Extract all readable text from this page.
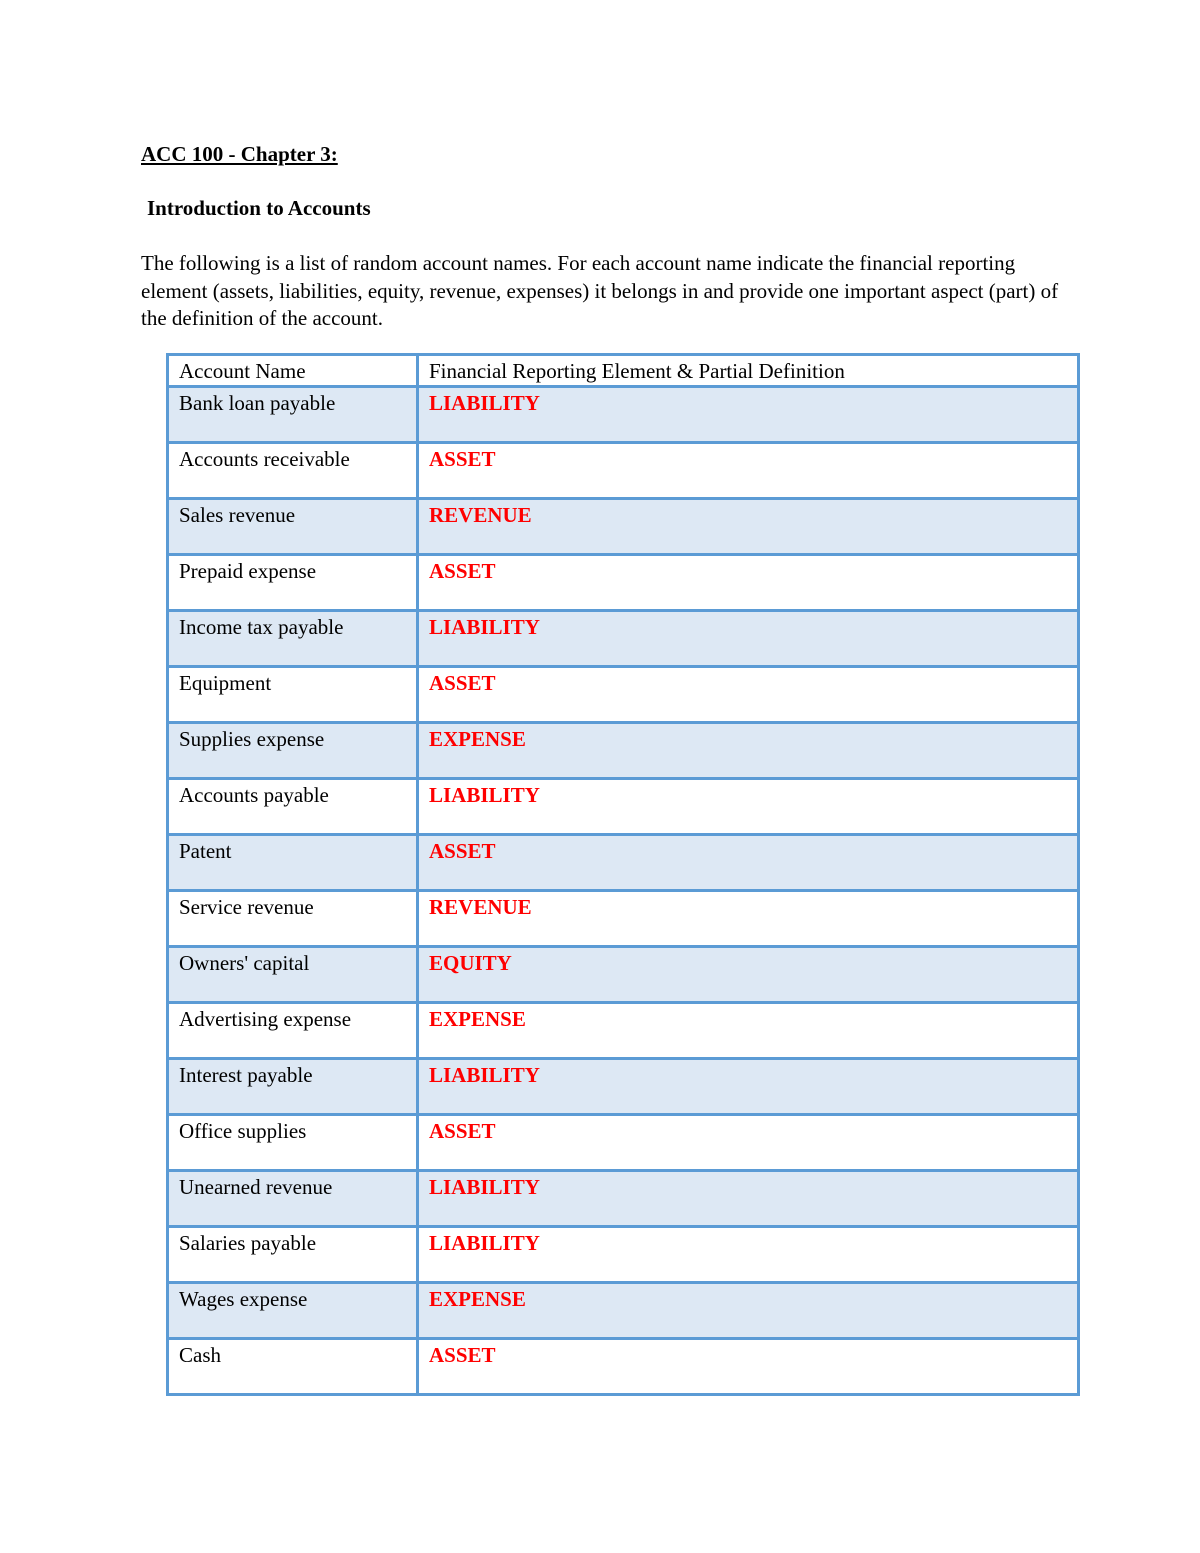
ACC 100 - Chapter 3:
Introduction to Accounts
The following is a list of random account names. For each account name indicate the financial reporting element (assets, liabilities, equity, revenue, expenses) it belongs in and provide one important aspect (part) of the definition of the account.
Account Name	Financial Reporting Element & Partial Definition
Bank loan payable	LIABILITY
Accounts receivable	ASSET
Sales revenue	REVENUE
Prepaid expense	ASSET
Income tax payable	LIABILITY
Equipment	ASSET
Supplies expense	EXPENSE
Accounts payable	LIABILITY
Patent	ASSET
Service revenue	REVENUE
Owners' capital	EQUITY
Advertising expense	EXPENSE
Interest payable	LIABILITY
Office supplies	ASSET
Unearned revenue	LIABILITY
Salaries payable	LIABILITY
Wages expense	EXPENSE
Cash	ASSET
